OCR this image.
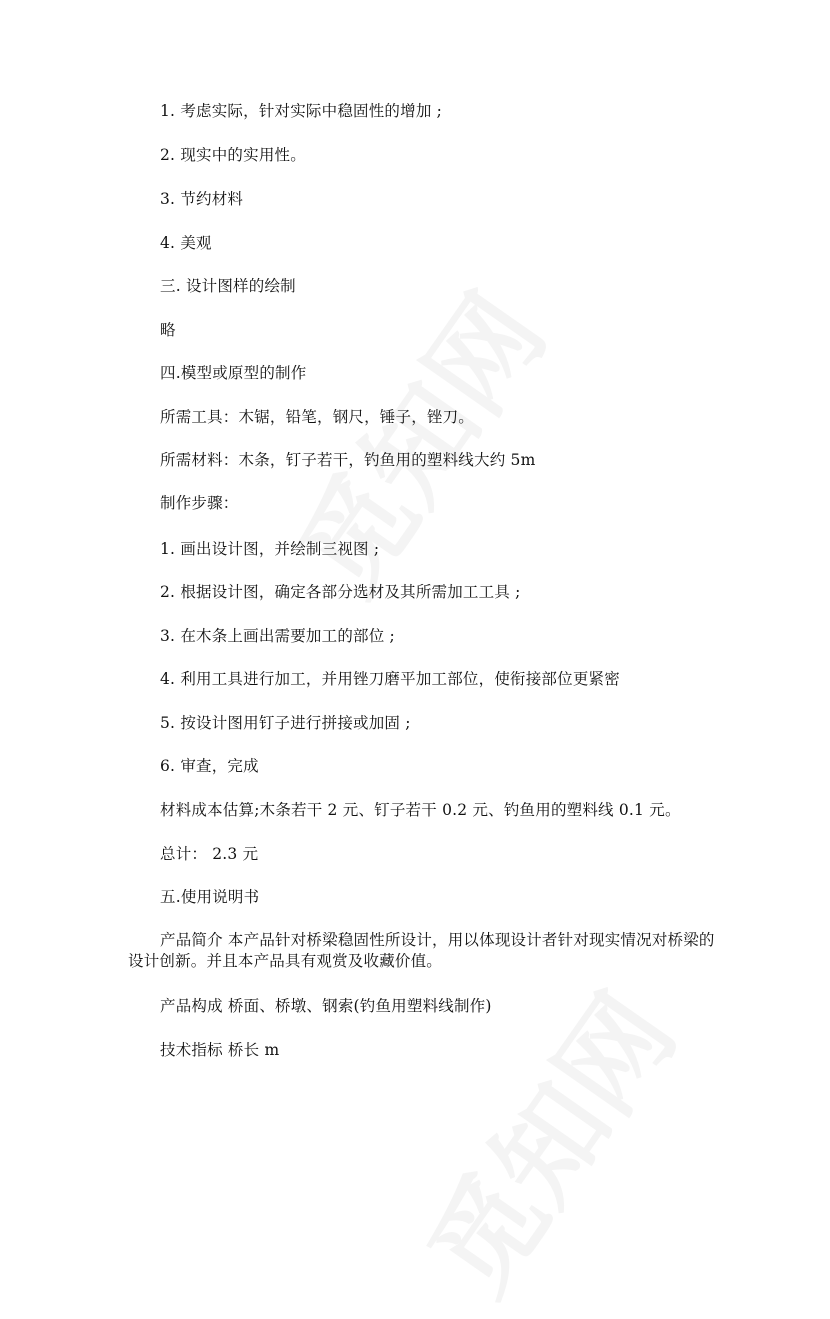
1. 考虑实际，针对实际中稳固性的增加 ;
2. 现实中的实用性。
3. 节约材料
4. 美观
三. 设计图样的绘制
略
四.模型或原型的制作
所需工具：木锯，铅笔，钢尺，锤子，锉刀。
所需材料：木条，钉子若干，钓鱼用的塑料线大约 5m
制作步骤：
1. 画出设计图，并绘制三视图 ;
2. 根据设计图，确定各部分选材及其所需加工工具 ;
3. 在木条上画出需要加工的部位 ;
4. 利用工具进行加工，并用锉刀磨平加工部位，使衔接部位更紧密
5. 按设计图用钉子进行拼接或加固 ;
6. 审查，完成
材料成本估算;木条若干 2 元、钉子若干 0.2 元、钓鱼用的塑料线 0.1 元。
总计： 2.3 元
五.使用说明书
产品简介 本产品针对桥梁稳固性所设计，用以体现设计者针对现实情况对桥梁的设计创新。并且本产品具有观赏及收藏价值。
产品构成 桥面、桥墩、钢索(钓鱼用塑料线制作)
技术指标 桥长 m
